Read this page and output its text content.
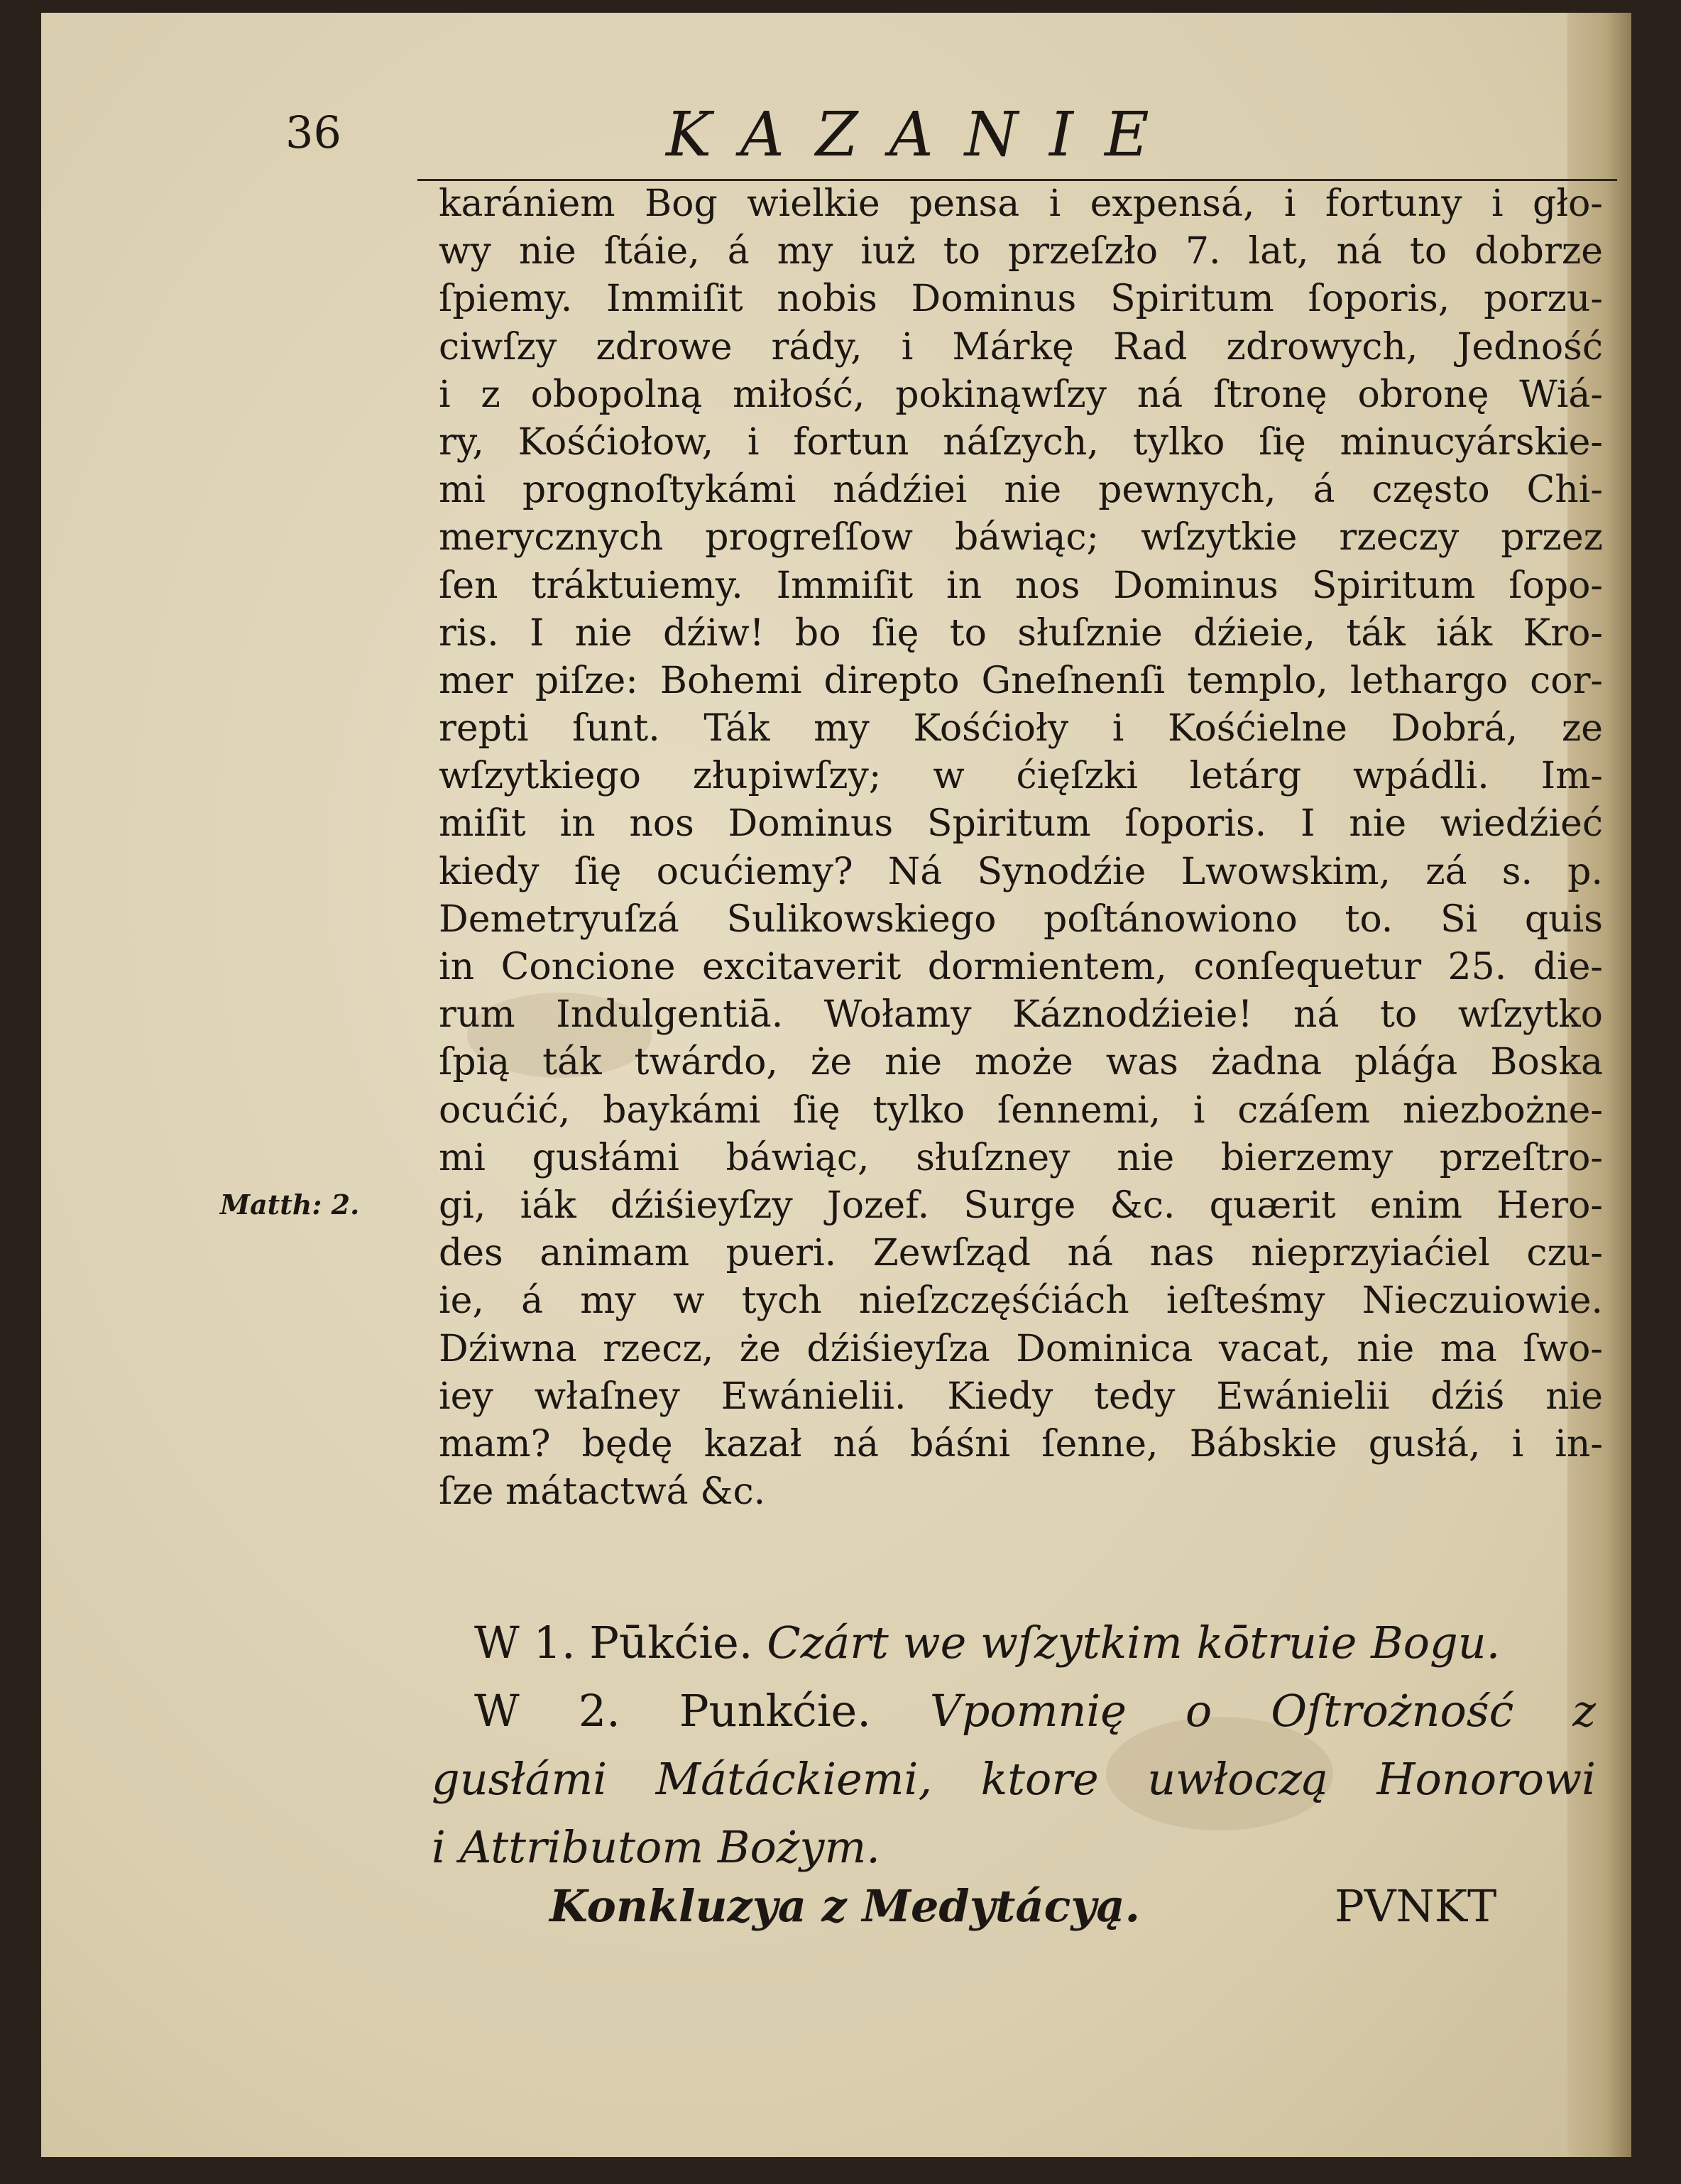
36	KAZANIE
karániem Bog wielkie pensa i expensá, i fortuny i gło-
wy nie ſtáie, á my iuż to przeſzło 7. lat, ná to dobrze
ſpiemy. Immiſit nobis Dominus Spiritum ſoporis, porzu-
ciwſzy zdrowe rády, i Márkę Rad zdrowych, Jedność
i z obopolną miłość, pokinąwſzy ná ſtronę obronę Wiá-
ry, Kośćiołow, i fortun náſzych, tylko ſię minucyárskie-
mi prognoſtykámi nádźiei nie pewnych, á często Chi-
merycznych progreſſow báwiąc; wſzytkie rzeczy przez
ſen tráktuiemy. Immiſit in nos Dominus Spiritum ſopo-
ris. I nie dźiw! bo ſię to słuſznie dźieie, ták iák Kro-
mer piſze: Bohemi direpto Gneſnenſi templo, lethargo cor-
repti ſunt. Ták my Kośćioły i Kośćielne Dobrá, ze
wſzytkiego złupiwſzy; w ćięſzki letárg wpádli. Im-
miſit in nos Dominus Spiritum ſoporis. I nie wiedźieć
kiedy ſię ocućiemy? Ná Synodźie Lwowskim, zá s. p.
Demetryuſzá Sulikowskiego poſtánowiono to. Si quis
in Concione excitaverit dormientem, conſequetur 25. die-
rum Indulgentiā. Wołamy Káznodźieie! ná to wſzytko
ſpią ták twárdo, że nie może was żadna pláǵa Boska
ocućić, baykámi ſię tylko ſennemi, i czáſem niezbożne-
mi gusłámi báwiąc, słuſzney nie bierzemy przeſtro-
gi, iák dźiśieyſzy Jozef. Surge &c. quærit enim Hero-
des animam pueri. Zewſząd ná nas nieprzyiaćiel czu-
ie, á my w tych nieſzczęśćiách ieſteśmy Nieczuiowie.
Dźiwna rzecz, że dźiśieyſza Dominica vacat, nie ma ſwo-
iey właſney Ewánielii. Kiedy tedy Ewánielii dźiś nie
mam? będę kazał ná báśni ſenne, Bábskie gusłá, i in-
ſze mátactwá &c.
Matth: 2.
W 1. Pūkćie. Czárt we wſzytkim kōtruie Bogu.
W 2. Punkćie. Vpomnię o Oſtrożność z
gusłámi Mátáckiemi, ktore uwłoczą Honorowi
i Attributom Bożym.
Konkluzya z Medytácyą.	PVNKT
